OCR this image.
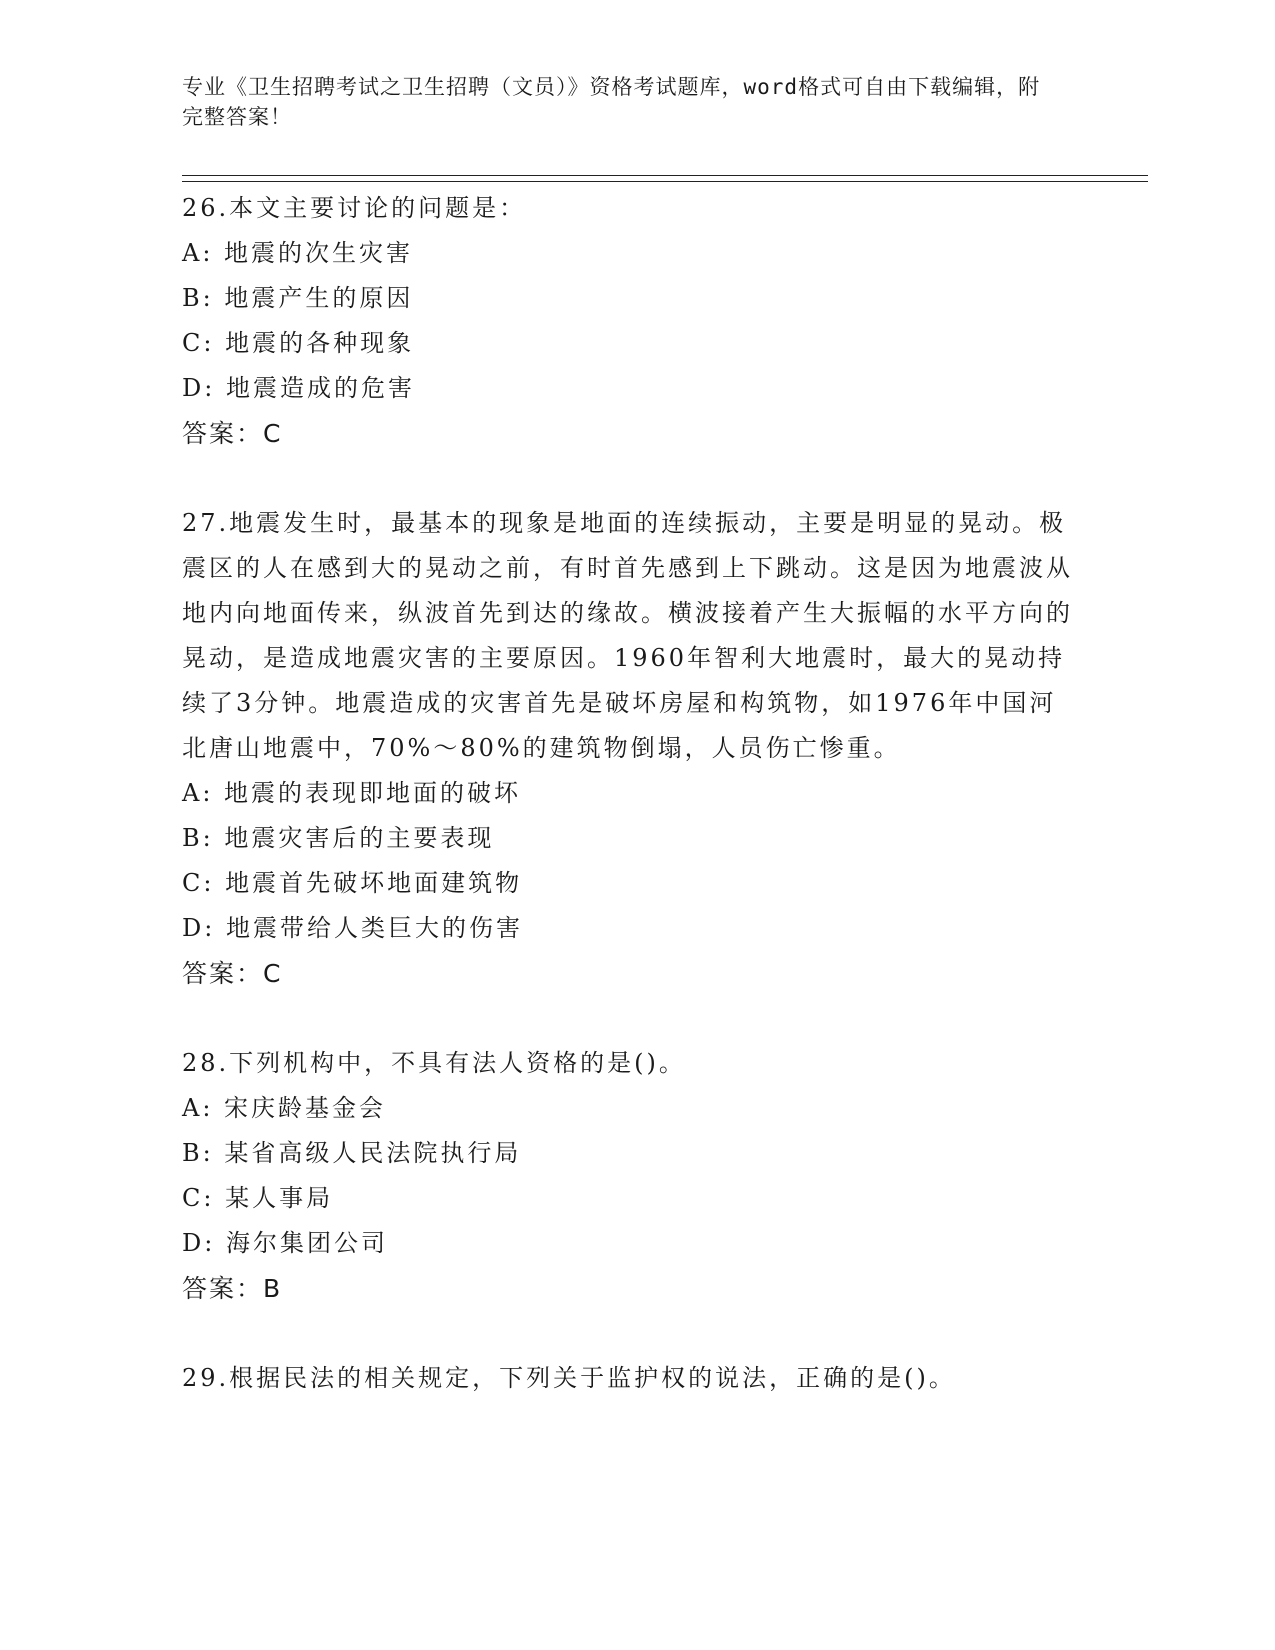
专业《卫生招聘考试之卫生招聘（文员）》资格考试题库，word格式可自由下载编辑，附完整答案！

26.本文主要讨论的问题是：

A: 地震的次生灾害

B: 地震产生的原因

C: 地震的各种现象

D: 地震造成的危害

答案：C

27.地震发生时，最基本的现象是地面的连续振动，主要是明显的晃动。极震区的人在感到大的晃动之前，有时首先感到上下跳动。这是因为地震波从地内向地面传来，纵波首先到达的缘故。横波接着产生大振幅的水平方向的晃动，是造成地震灾害的主要原因。1960年智利大地震时，最大的晃动持续了3分钟。地震造成的灾害首先是破坏房屋和构筑物，如1976年中国河北唐山地震中，70%～80%的建筑物倒塌，人员伤亡惨重。

A: 地震的表现即地面的破坏

B: 地震灾害后的主要表现

C: 地震首先破坏地面建筑物

D: 地震带给人类巨大的伤害

答案：C

28.下列机构中，不具有法人资格的是()。

A: 宋庆龄基金会

B: 某省高级人民法院执行局

C: 某人事局

D: 海尔集团公司

答案：B

29.根据民法的相关规定，下列关于监护权的说法，正确的是()。
